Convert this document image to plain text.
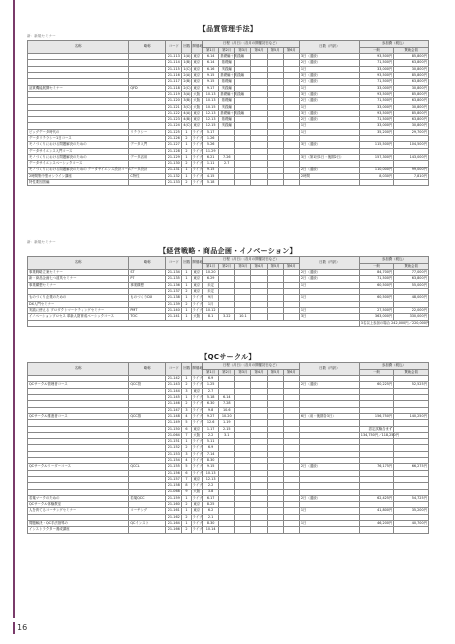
新：新規セミナー
【品質管理手法】
名称	略称	コード	回数	開催地	日程（月日）（各月の開催初日など）						日数（内訳）	参加費（税込）	
					第1月	第2月	第3月	第4月	第5月	第6月		一般	賛助会員
		21-113	1(A)	東京	6.14	基礎編＋実践編					3日（通続）	93,500円	85,800円
		21-114	1(B)	東京	6.14	基礎編					2日（通続）	71,500円	63,800円
		21-115	1(C)	東京	6.16	実践編					1日	33,000円	30,800円
		21-116	2(A)	東京	9.15	基礎編＋実践編					3日（通続）	93,500円	85,800円
		21-117	2(B)	東京	9.15	基礎編					2日（通続）	71,500円	63,800円
品質機能展開セミナー	QFD	21-118	2(C)	東京	9.17	実践編					1日	33,000円	30,800円
		21-119	3(A)	大阪	10.13	基礎編＋実践編					3日（通続）	93,500円	85,800円
		21-120	3(B)	大阪	10.13	基礎編					2日（通続）	71,500円	63,800円
		21-121	3(C)	大阪	10.15	実践編					1日	33,000円	30,800円
		21-122	4(A)	東京	12.13	基礎編＋実践編					3日（通続）	93,500円	85,800円
		21-123	4(B)	東京	12.13	基礎編					2日（通続）	71,500円	63,800円
		21-124	4(C)	東京	12.15	実践編					1日	33,000円	30,800円
ビッグデータ時代の	リテラシー	21-125	1	ライブ	5.17						1日	35,200円	29,700円
データリテラシー1日コース		21-126	2	ライブ	1.26								
モノづくりにおける問題解決のための	データ入門	21-127	1	ライブ	5.26						3日（通続）	115,500円	104,500円
データサイエンス入門コース		21-128	2	ライブ	11.29								
モノづくりにおける問題解決のための	データ活用	21-129	1	ライブ	6.21	7.26					3日（第1回1日・後期2日）	157,300円	143,000円
データサイエンスベーシックコース		21-130	2	ライブ	1.11	2.7							
モノづくりにおける問題解決のための データサイエンス設計コース	データ設計	21-131	1	ライブ	9.15						2日（通続）	110,000円	99,000円
2時間集中型オンライン講座	C特性	21-132	1	ライブ	4.15						2時間	8,030円	7,810円
特性要因図編		21-133	2	ライブ	5.18								
新：新規セミナー
【経営戦略・商品企画・イノベーション】
名称	略称	コード	回数	開催地	日程（月日）（各月の開催初日など）						日数（内訳）	参加費（税込）	
					第1月	第2月	第3月	第4月	第5月	第6月		一般	賛助会員
事業戦略立案セミナー	ST	21-134	1	東京	10.20						2日（通続）	84,700円	77,000円
新・商品企画七つ道具セミナー	P7	21-135	1	東京	6.29						2日（通続）	71,500円	63,800円
事業構想セミナー	事業構想	21-136	1	東京	未定						1日	60,500円	55,000円
		21-137	2	東京	未定								
ものづくり企業のための	ものづくりDX	21-138	1	ライブ	9月						1日	60,500円	48,000円
DX入門セミナー		21-139	2	ライブ	1月								
実践に使える プロダクトマーケティングセミナー	PMT	21-140	1	ライブ	10.12						1日	27,500円	22,000円
イノベーションプロセス 革新人財育成ベーシックコース	TOC	21-141	1	大阪	8.1	3.22	10.1				3日	363,000円	330,000円
												3名以上参加の場合 242,000円／220,000円	
【QCサークル】
名称	略称	コード	回数	開催地	日程（月日）（各月の開催初日など）						日数（内訳）	参加費（税込）	
					第1月	第2月	第3月	第4月	第5月	第6月		一般	賛助会員
		21-142	1	ライブ	6.9								
QCサークル管理者コース	QCC管	21-143	2	ライブ	1.25						2日（通続）	60,225円	52,525円
		21-144	3	東京	2.7								
		21-145	1	ライブ	5.18	6.14							
		21-146	2	ライブ	6.30	7.28							
		21-147	3	ライブ	9.8	10.6							
QCサークル推進者コース	QCC推	21-148	4	ライブ	9.27	10.20					6日（前・後期各3日）	156,750円	140,250円
		21-149	5	ライブ	12.6	1.19							
		21-150	6	東京	1.17	2.15						認定試験含まず	
		21-064	7	大阪	2.2	3.1						134,750円／118,250円	
		21-151	1	ライブ	5.11								
		21-152	2	ライブ	6.9								
		21-153	3	ライブ	7.14								
		21-154	4	ライブ	8.30								
QCサークルリーダーコース	QCCL	21-155	5	ライブ	9.15						2日（通続）	76,175円	66,275円
		21-156	6	ライブ	10.13								
		21-157	7	東京	12.13								
		21-158	8	ライブ	2.2								
		21-068	9	大阪	3.8								
若葉マークのための	若葉QCC	21-159	1	ライブ	6.17						2日（通続）	62,425円	54,725円
QCサークル体験教室		21-160	2	東京	8.25								
人を育てるコーチングセミナー	コーチング	21-161	1	東京	6.2						1日	41,800円	35,200円
		21-162	2	ライブ	2.1								
問題解決・QC手法指導の	QCインスト	21-164	1	ライブ	8.30						1日	46,200円	40,700円
インストラクター養成講座		21-166	2	ライブ	10.14								
16
